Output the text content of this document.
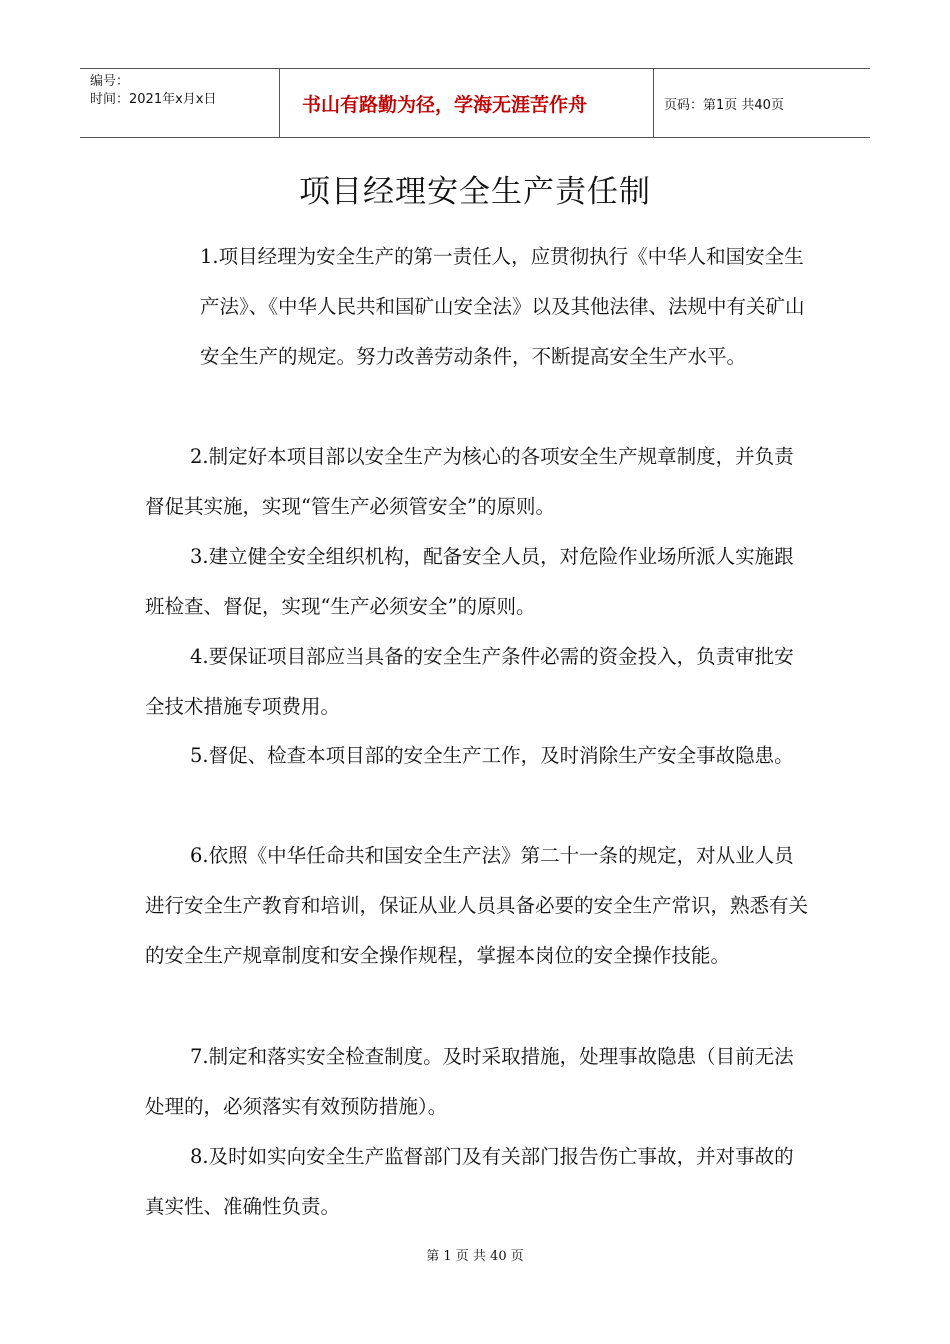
编号：
时间：2021年x月x日	书山有路勤为径，学海无涯苦作舟	页码：第1页 共40页
项目经理安全生产责任制
1.项目经理为安全生产的第一责任人，应贯彻执行《中华人和国安全生产法》、《中华人民共和国矿山安全法》以及其他法律、法规中有关矿山安全生产的规定。努力改善劳动条件，不断提高安全生产水平。
2.制定好本项目部以安全生产为核心的各项安全生产规章制度，并负责督促其实施，实现“管生产必须管安全”的原则。
3.建立健全安全组织机构，配备安全人员，对危险作业场所派人实施跟班检查、督促，实现“生产必须安全”的原则。
4.要保证项目部应当具备的安全生产条件必需的资金投入，负责审批安全技术措施专项费用。
5.督促、检查本项目部的安全生产工作，及时消除生产安全事故隐患。
6.依照《中华任命共和国安全生产法》第二十一条的规定，对从业人员进行安全生产教育和培训，保证从业人员具备必要的安全生产常识，熟悉有关的安全生产规章制度和安全操作规程，掌握本岗位的安全操作技能。
7.制定和落实安全检查制度。及时采取措施，处理事故隐患（目前无法处理的，必须落实有效预防措施）。
8.及时如实向安全生产监督部门及有关部门报告伤亡事故，并对事故的真实性、准确性负责。
第 1 页 共 40 页
